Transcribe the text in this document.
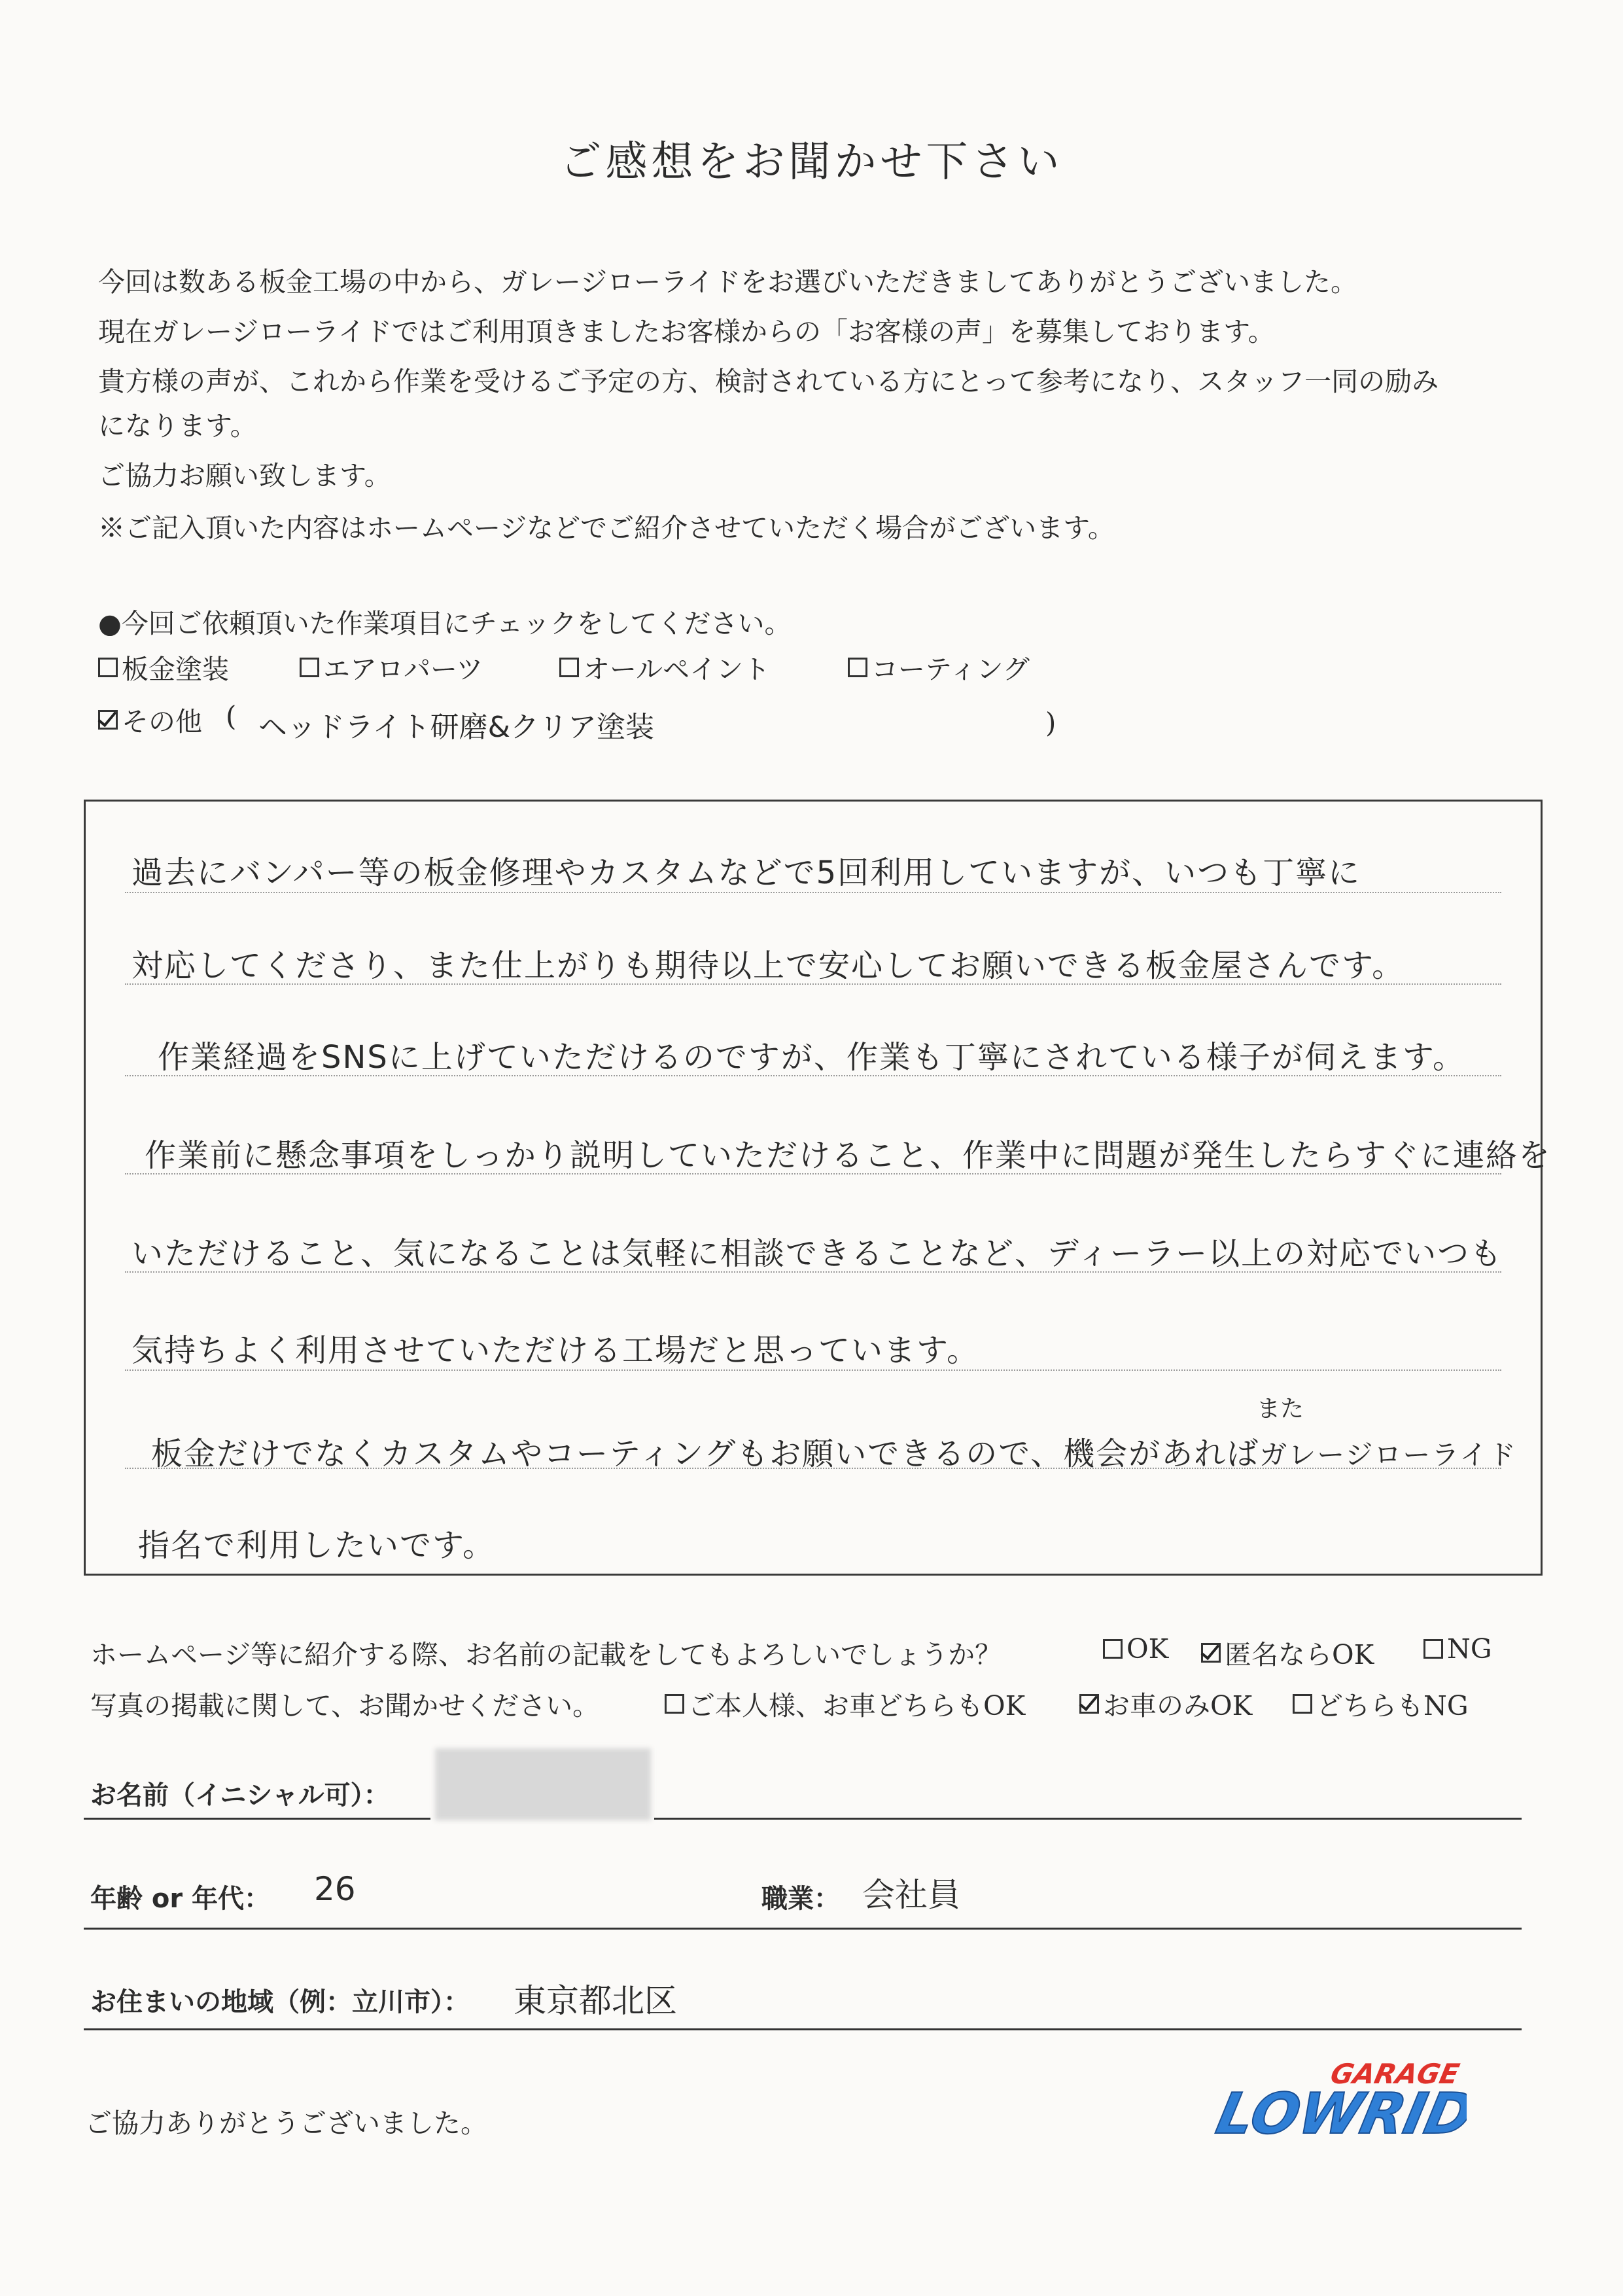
ご感想をお聞かせ下さい
今回は数ある板金工場の中から、ガレージローライドをお選びいただきましてありがとうございました。
現在ガレージローライドではご利用頂きましたお客様からの「お客様の声」を募集しております。
貴方様の声が、これから作業を受けるご予定の方、検討されている方にとって参考になり、スタッフ一同の励み
になります。
ご協力お願い致します。
※ご記入頂いた内容はホームページなどでご紹介させていただく場合がございます。
●今回ご依頼頂いた作業項目にチェックをしてください。
板金塗装	エアロパーツ	オールペイント	コーティング
その他 ( ヘッドライト研磨&クリア塗装	)
過去にバンパー等の板金修理やカスタムなどで5回利用していますが、いつも丁寧に
対応してくださり、また仕上がりも期待以上で安心してお願いできる板金屋さんです。
作業経過をSNSに上げていただけるのですが、作業も丁寧にされている様子が伺えます。
作業前に懸念事項をしっかり説明していただけること、作業中に問題が発生したらすぐに連絡を
いただけること、気になることは気軽に相談できることなど、ディーラー以上の対応でいつも
気持ちよく利用させていただける工場だと思っています。
板金だけでなくカスタムやコーティングもお願いできるので、機会があればガレージローライド
また
指名で利用したいです。
ホームページ等に紹介する際、お名前の記載をしてもよろしいでしょうか？	OK 匿名ならOK	NG
写真の掲載に関して、お聞かせください。	ご本人様、お車どちらもOK	お車のみOK どちらもNG
お名前（イニシャル可）：
年齢 or 年代： 26	職業： 会社員
お住まいの地域（例：立川市）： 東京都北区
ご協力ありがとうございました。
GARAGE
LOWRIDE
